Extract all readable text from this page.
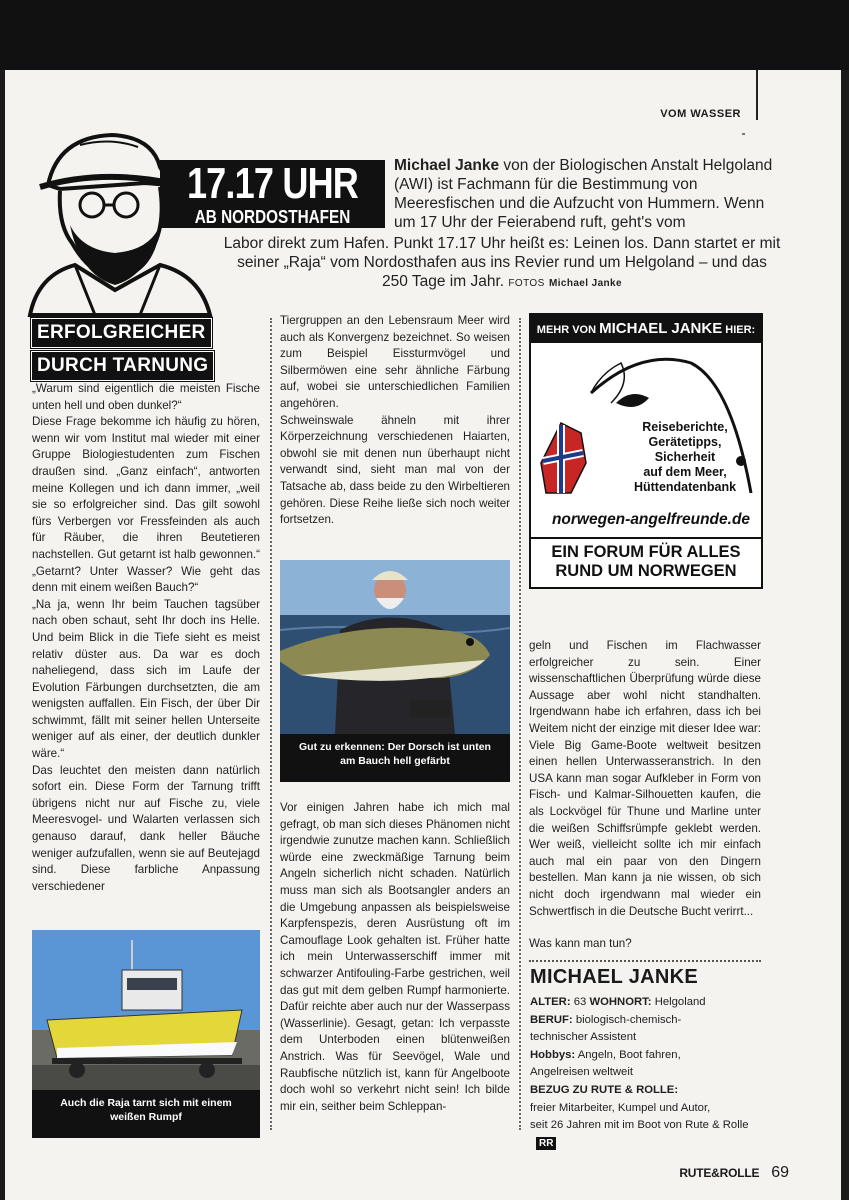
VOM WASSER
17.17 UHR
AB NORDOSTHAFEN
Michael Janke von der Biologischen Anstalt Helgoland (AWI) ist Fachmann für die Bestimmung von Meeresfischen und die Aufzucht von Hummern. Wenn um 17 Uhr der Feierabend ruft, geht's vom
Labor direkt zum Hafen. Punkt 17.17 Uhr heißt es: Leinen los. Dann startet er mit seiner „Raja“ vom Nordosthafen aus ins Revier rund um Helgoland – und das 250 Tage im Jahr. FOTOS Michael Janke
ERFOLGREICHER
DURCH TARNUNG

„Warum sind eigentlich die meisten Fische unten hell und oben dunkel?“

Diese Frage bekomme ich häufig zu hören, wenn wir vom Institut mal wieder mit einer Gruppe Biologiestudenten zum Fischen draußen sind. „Ganz einfach“, antworten meine Kollegen und ich dann immer, „weil sie so erfolgreicher sind. Das gilt sowohl fürs Verbergen vor Fressfeinden als auch für Räuber, die ihren Beutetieren nachstellen. Gut getarnt ist halb gewonnen.“ „Getarnt? Unter Wasser? Wie geht das denn mit einem weißen Bauch?“

„Na ja, wenn Ihr beim Tauchen tagsüber nach oben schaut, seht Ihr doch ins Helle. Und beim Blick in die Tiefe sieht es meist relativ düster aus. Da war es doch naheliegend, dass sich im Laufe der Evolution Färbungen durchsetzten, die am wenigsten auffallen. Ein Fisch, der über Dir schwimmt, fällt mit seiner hellen Unterseite weniger auf als einer, der deutlich dunkler wäre.“

Das leuchtet den meisten dann natürlich sofort ein. Diese Form der Tarnung trifft übrigens nicht nur auf Fische zu, viele Meeresvogel- und Walarten verlassen sich genauso darauf, dank heller Bäuche weniger aufzufallen, wenn sie auf Beutejagd sind. Diese farbliche Anpassung verschiedener

Tiergruppen an den Lebensraum Meer wird auch als Konvergenz bezeichnet. So weisen zum Beispiel Eissturmvögel und Silbermöwen eine sehr ähnliche Färbung auf, wobei sie unterschiedlichen Familien angehören.

Schweinswale ähneln mit ihrer Körperzeichnung verschiedenen Haiarten, obwohl sie mit denen nun überhaupt nicht verwandt sind, sieht man mal von der Tatsache ab, dass beide zu den Wirbeltieren gehören. Diese Reihe ließe sich noch weiter fortsetzen.

Vor einigen Jahren habe ich mich mal gefragt, ob man sich dieses Phänomen nicht irgendwie zunutze machen kann. Schließlich würde eine zweckmäßige Tarnung beim Angeln sicherlich nicht schaden. Natürlich muss man sich als Bootsangler anders an die Umgebung anpassen als beispielsweise Karpfenspezis, deren Ausrüstung oft im Camouflage Look gehalten ist. Früher hatte ich mein Unterwasserschiff immer mit schwarzer Antifouling-Farbe gestrichen, weil das gut mit dem gelben Rumpf harmonierte. Dafür reichte aber auch nur der Wasserpass (Wasserlinie). Gesagt, getan: Ich verpasste dem Unterboden einen blütenweißen Anstrich. Was für Seevögel, Wale und Raubfische nützlich ist, kann für Angelboote doch wohl so verkehrt nicht sein! Ich bilde mir ein, seither beim Schleppan-

geln und Fischen im Flachwasser erfolgreicher zu sein. Einer wissenschaftlichen Überprüfung würde diese Aussage aber wohl nicht standhalten. Irgendwann habe ich erfahren, dass ich bei Weitem nicht der einzige mit dieser Idee war: Viele Big Game-Boote weltweit besitzen einen hellen Unterwasseranstrich. In den USA kann man sogar Aufkleber in Form von Fisch- und Kalmar-Silhouetten kaufen, die als Lockvögel für Thune und Marline unter die weißen Schiffsrümpfe geklebt werden. Wer weiß, vielleicht sollte ich mir einfach auch mal ein paar von den Dingern bestellen. Man kann ja nie wissen, ob sich nicht doch irgendwann mal wieder ein Schwertfisch in die Deutsche Bucht verirrt...

Was kann man tun?

Gut zu erkennen: Der Dorsch ist unten
am Bauch hell gefärbt
Auch die Raja tarnt sich mit einem
weißen Rumpf
MEHR VON MICHAEL JANKE HIER:
Reiseberichte,
Gerätetipps,
Sicherheit
auf dem Meer,
Hüttendatenbank
norwegen-angelfreunde.de
EIN FORUM FÜR ALLES
RUND UM NORWEGEN
MICHAEL JANKE
ALTER: 63 WOHNORT: Helgoland
BERUF: biologisch-chemisch-
technischer Assistent
Hobbys: Angeln, Boot fahren,
Angelreisen weltweit
BEZUG ZU RUTE & ROLLE:
freier Mitarbeiter, Kumpel und Autor,
seit 26 Jahren mit im Boot von Rute & RolleRR
RUTE&ROLLE 69
